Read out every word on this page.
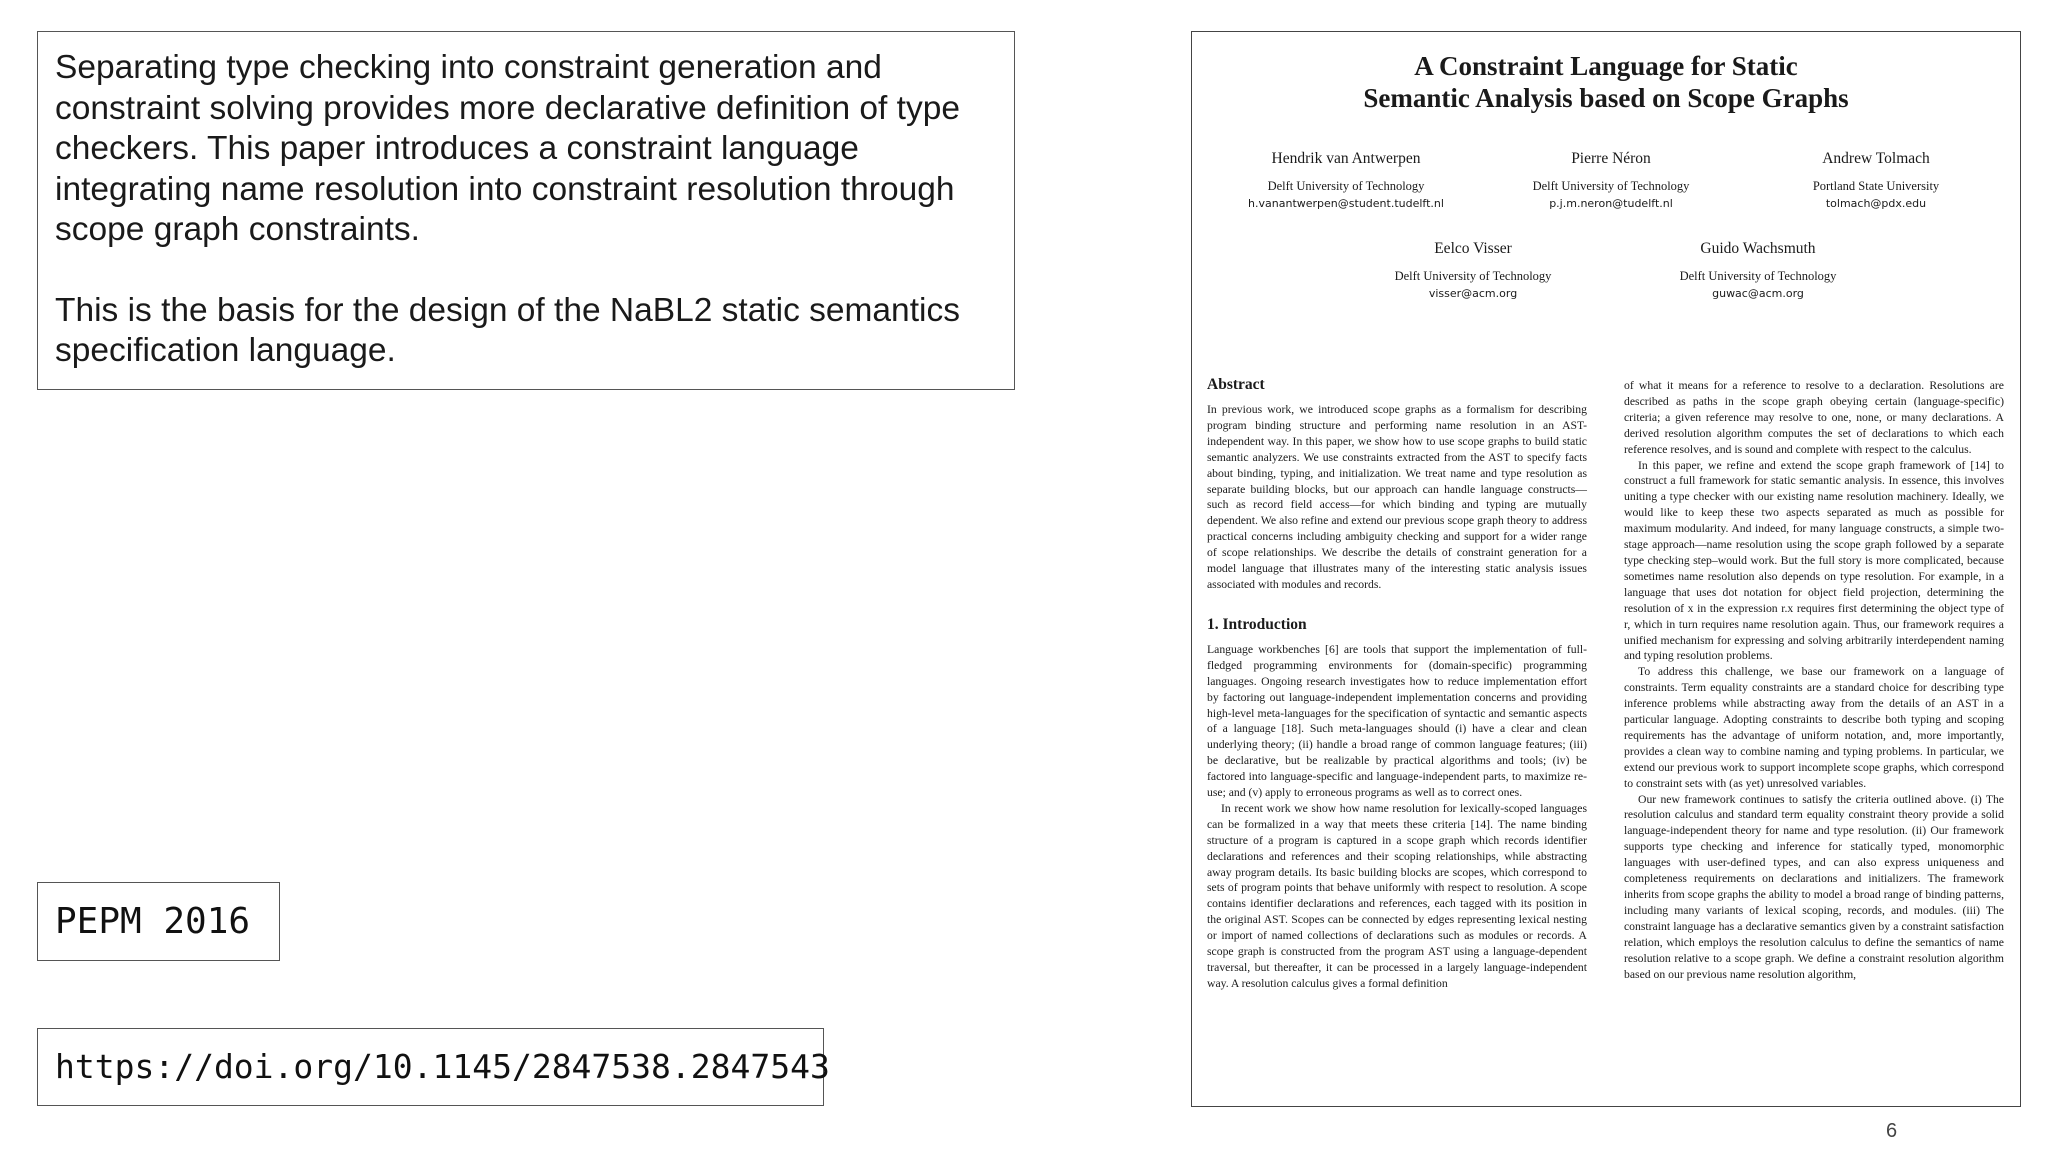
Separating type checking into constraint generation and constraint solving provides more declarative definition of type checkers. This paper introduces a constraint language integrating name resolution into constraint resolution through scope graph constraints.

This is the basis for the design of the NaBL2 static semantics specification language.

PEPM 2016
https://doi.org/10.1145/2847538.2847543
A Constraint Language for Static
Semantic Analysis based on Scope Graphs
Hendrik van Antwerpen
Delft University of Technology
h.vanantwerpen@student.tudelft.nl
Pierre Néron
Delft University of Technology
p.j.m.neron@tudelft.nl
Andrew Tolmach
Portland State University
tolmach@pdx.edu
Eelco Visser
Delft University of Technology
visser@acm.org
Guido Wachsmuth
Delft University of Technology
guwac@acm.org
Abstract

In previous work, we introduced scope graphs as a formalism for describing program binding structure and performing name resolution in an AST-independent way. In this paper, we show how to use scope graphs to build static semantic analyzers. We use constraints extracted from the AST to specify facts about binding, typing, and initialization. We treat name and type resolution as separate building blocks, but our approach can handle language constructs—such as record field access—for which binding and typing are mutually dependent. We also refine and extend our previous scope graph theory to address practical concerns including ambiguity checking and support for a wider range of scope relationships. We describe the details of constraint generation for a model language that illustrates many of the interesting static analysis issues associated with modules and records.

1. Introduction

Language workbenches [6] are tools that support the implementation of full-fledged programming environments for (domain-specific) programming languages. Ongoing research investigates how to reduce implementation effort by factoring out language-independent implementation concerns and providing high-level meta-languages for the specification of syntactic and semantic aspects of a language [18]. Such meta-languages should (i) have a clear and clean underlying theory; (ii) handle a broad range of common language features; (iii) be declarative, but be realizable by practical algorithms and tools; (iv) be factored into language-specific and language-independent parts, to maximize re-use; and (v) apply to erroneous programs as well as to correct ones.

In recent work we show how name resolution for lexically-scoped languages can be formalized in a way that meets these criteria [14]. The name binding structure of a program is captured in a scope graph which records identifier declarations and references and their scoping relationships, while abstracting away program details. Its basic building blocks are scopes, which correspond to sets of program points that behave uniformly with respect to resolution. A scope contains identifier declarations and references, each tagged with its position in the original AST. Scopes can be connected by edges representing lexical nesting or import of named collections of declarations such as modules or records. A scope graph is constructed from the program AST using a language-dependent traversal, but thereafter, it can be processed in a largely language-independent way. A resolution calculus gives a formal definition

of what it means for a reference to resolve to a declaration. Resolutions are described as paths in the scope graph obeying certain (language-specific) criteria; a given reference may resolve to one, none, or many declarations. A derived resolution algorithm computes the set of declarations to which each reference resolves, and is sound and complete with respect to the calculus.

In this paper, we refine and extend the scope graph framework of [14] to construct a full framework for static semantic analysis. In essence, this involves uniting a type checker with our existing name resolution machinery. Ideally, we would like to keep these two aspects separated as much as possible for maximum modularity. And indeed, for many language constructs, a simple two-stage approach—name resolution using the scope graph followed by a separate type checking step–would work. But the full story is more complicated, because sometimes name resolution also depends on type resolution. For example, in a language that uses dot notation for object field projection, determining the resolution of x in the expression r.x requires first determining the object type of r, which in turn requires name resolution again. Thus, our framework requires a unified mechanism for expressing and solving arbitrarily interdependent naming and typing resolution problems.

To address this challenge, we base our framework on a language of constraints. Term equality constraints are a standard choice for describing type inference problems while abstracting away from the details of an AST in a particular language. Adopting constraints to describe both typing and scoping requirements has the advantage of uniform notation, and, more importantly, provides a clean way to combine naming and typing problems. In particular, we extend our previous work to support incomplete scope graphs, which correspond to constraint sets with (as yet) unresolved variables.

Our new framework continues to satisfy the criteria outlined above. (i) The resolution calculus and standard term equality constraint theory provide a solid language-independent theory for name and type resolution. (ii) Our framework supports type checking and inference for statically typed, monomorphic languages with user-defined types, and can also express uniqueness and completeness requirements on declarations and initializers. The framework inherits from scope graphs the ability to model a broad range of binding patterns, including many variants of lexical scoping, records, and modules. (iii) The constraint language has a declarative semantics given by a constraint satisfaction relation, which employs the resolution calculus to define the semantics of name resolution relative to a scope graph. We define a constraint resolution algorithm based on our previous name resolution algorithm,

6
